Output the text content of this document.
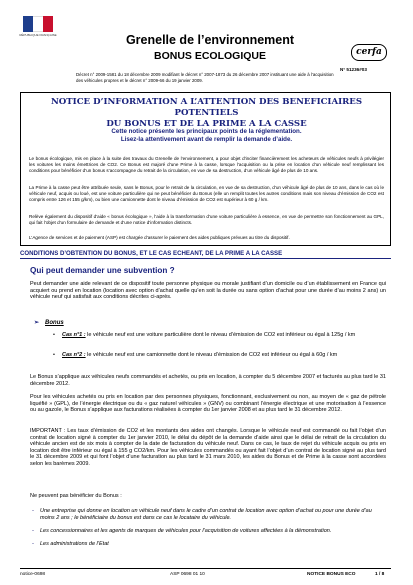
RÉPUBLIQUE FRANÇAISE	Grenelle de l’environnement
BONUS ECOLOGIQUE	cerfa
N° 51236#03
Décret n° 2009-1581 du 18 décembre 2009 modifiant le décret n° 2007-1873 du 26 décembre 2007 instituant une aide à l’acquisition des véhicules propres et le décret n° 2009-66 du 19 janvier 2009.
NOTICE D’INFORMATION A L’ATTENTION DES BENEFICIAIRES POTENTIELS
DU BONUS ET DE LA PRIME A LA CASSE
Cette notice présente les principaux points de la réglementation.
Lisez-la attentivement avant de remplir la demande d’aide.
Le bonus écologique, mis en place à la suite des travaux du Grenelle de l’environnement, a pour objet d’inciter financièrement les acheteurs de véhicules neufs à privilégier les voitures les moins émettrices de CO2. Ce Bonus est majoré d’une Prime à la casse, lorsque l’acquisition ou la prise en location d’un véhicule neuf remplissant les conditions pour bénéficier d’un bonus s’accompagne du retrait de la circulation, en vue de sa destruction, d’un véhicule âgé de plus de 10 ans.
La Prime à la casse peut être attribuée seule, sans le Bonus, pour le retrait de la circulation, en vue de sa destruction, d’un véhicule âgé de plus de 10 ans, dans le cas où le véhicule neuf, acquis ou loué, est une voiture particulière qui ne peut bénéficier du Bonus (elle un remplit toutes les autres conditions mais son niveau d’émission de CO2 est compris entre 126 et 155 g/km), ou bien une camionnette dont le niveau d’émission de CO2 est supérieur à 60 g / km.
Relève également du dispositif d’aide « bonus écologique », l’aide à la transformation d’une voiture particulière à essence, en vue de permettre son fonctionnement au GPL, qui fait l’objet d’un formulaire de demande et d’une notice d’information distincts.
L’Agence de services et de paiement (ASP) est chargée d’assurer le paiement des aides publiques prévues au titre du dispositif.
CONDITIONS D’OBTENTION DU BONUS, ET LE CAS ECHEANT, DE LA PRIME A LA CASSE
Qui peut demander une subvention ?
Peut demander une aide relevant de ce dispositif toute personne physique ou morale justifiant d’un domicile ou d’un établissement en France qui acquiert ou prend en location (location avec option d’achat quelle qu’en soit la durée ou sans option d’achat pour une durée d’au moins 2 ans) un véhicule neuf qui satisfait aux conditions décrites ci-après.
➢ Bonus
• Cas n°1 : le véhicule neuf est une voiture particulière dont le niveau d’émission de CO2 est inférieur ou égal à 125g / km
• Cas n°2 : le véhicule neuf est une camionnette dont le niveau d’émission de CO2 est inférieur ou égal à 60g / km
Le Bonus s’applique aux véhicules neufs commandés et achetés, ou pris en location, à compter du 5 décembre 2007 et facturés au plus tard le 31 décembre 2012.
Pour les véhicules achetés ou pris en location par des personnes physiques, fonctionnant, exclusivement ou non, au moyen de « gaz de pétrole liquéfié » (GPL), de l’énergie électrique ou du « gaz naturel véhicules » (GNV) ou combinant l’énergie électrique et une motorisation à l’essence ou au gazole, le Bonus s’applique aux facturations réalisées à compter du 1er janvier 2008 et au plus tard le 31 décembre 2012.
IMPORTANT : Les taux d’émission de CO2 et les montants des aides ont changés. Lorsque le véhicule neuf est commandé ou fait l’objet d’un contrat de location signé à compter du 1er janvier 2010, le délai du dépôt de la demande d’aide ainsi que le délai de retrait de la circulation du véhicule ancien est de six mois à compter de la date de facturation du véhicule neuf. Dans ce cas, le taux de rejet du véhicule acquis ou pris en location doit être inférieur ou égal à 155 g CO2/km. Pour les véhicules commandés ou ayant fait l’objet d’un contrat de location signé au plus tard le 31 décembre 2009 et qui font l’objet d’une facturation au plus tard le 31 mars 2010, les aides du Bonus et de Prime à la casse sont accordées selon les barèmes 2009.
Ne peuvent pas bénéficier du Bonus :
- Une entreprise qui donne en location un véhicule neuf dans le cadre d’un contrat de location avec option d’achat ou pour une durée d’au moins 2 ans ; le bénéficiaire du bonus est dans ce cas le locataire du véhicule.
- Les concessionnaires et les agents de marques de véhicules pour l’acquisition de voitures affectées à la démonstration.
- Les administrations de l’Etat
notice-0698	ASP 0698 01 10	NOTICE BONUS ECO	1 / 8
